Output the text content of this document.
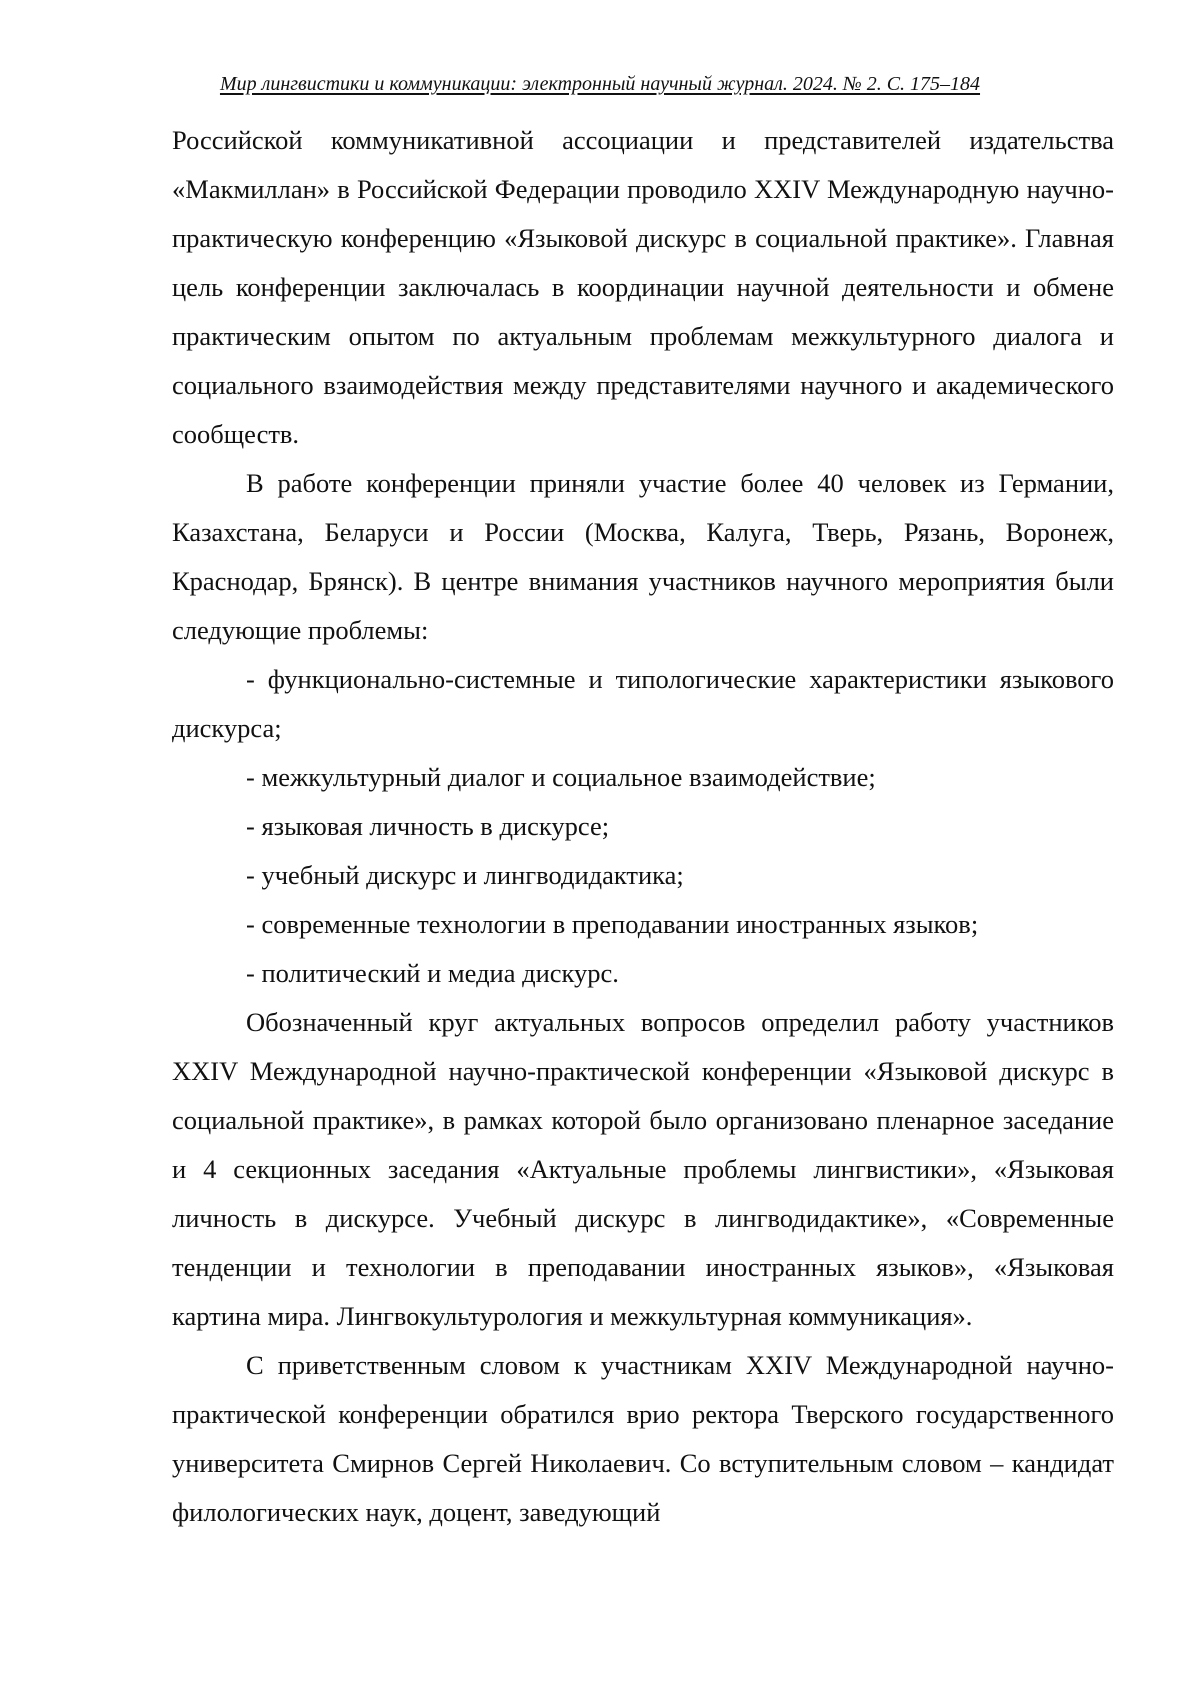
Мир лингвистики и коммуникации: электронный научный журнал. 2024. № 2. С. 175–184

Российской коммуникативной ассоциации и представителей издательства «Макмиллан» в Российской Федерации проводило XXIV Международную научно-практическую конференцию «Языковой дискурс в социальной практике». Главная цель конференции заключалась в координации научной деятельности и обмене практическим опытом по актуальным проблемам межкультурного диалога и социального взаимодействия между представителями научного и академического сообществ.

В работе конференции приняли участие более 40 человек из Германии, Казахстана, Беларуси и России (Москва, Калуга, Тверь, Рязань, Воронеж, Краснодар, Брянск). В центре внимания участников научного мероприятия были следующие проблемы:

- функционально-системные и типологические характеристики языкового дискурса;

- межкультурный диалог и социальное взаимодействие;

- языковая личность в дискурсе;

- учебный дискурс и лингводидактика;

- современные технологии в преподавании иностранных языков;

- политический и медиа дискурс.

Обозначенный круг актуальных вопросов определил работу участников XXIV Международной научно-практической конференции «Языковой дискурс в социальной практике», в рамках которой было организовано пленарное заседание и 4 секционных заседания «Актуальные проблемы лингвистики», «Языковая личность в дискурсе. Учебный дискурс в лингводидактике», «Современные тенденции и технологии в преподавании иностранных языков», «Языковая картина мира. Лингвокультурология и межкультурная коммуникация».

С приветственным словом к участникам XXIV Международной научно-практической конференции обратился врио ректора Тверского государственного университета Смирнов Сергей Николаевич. Со вступительным словом – кандидат филологических наук, доцент, заведующий
